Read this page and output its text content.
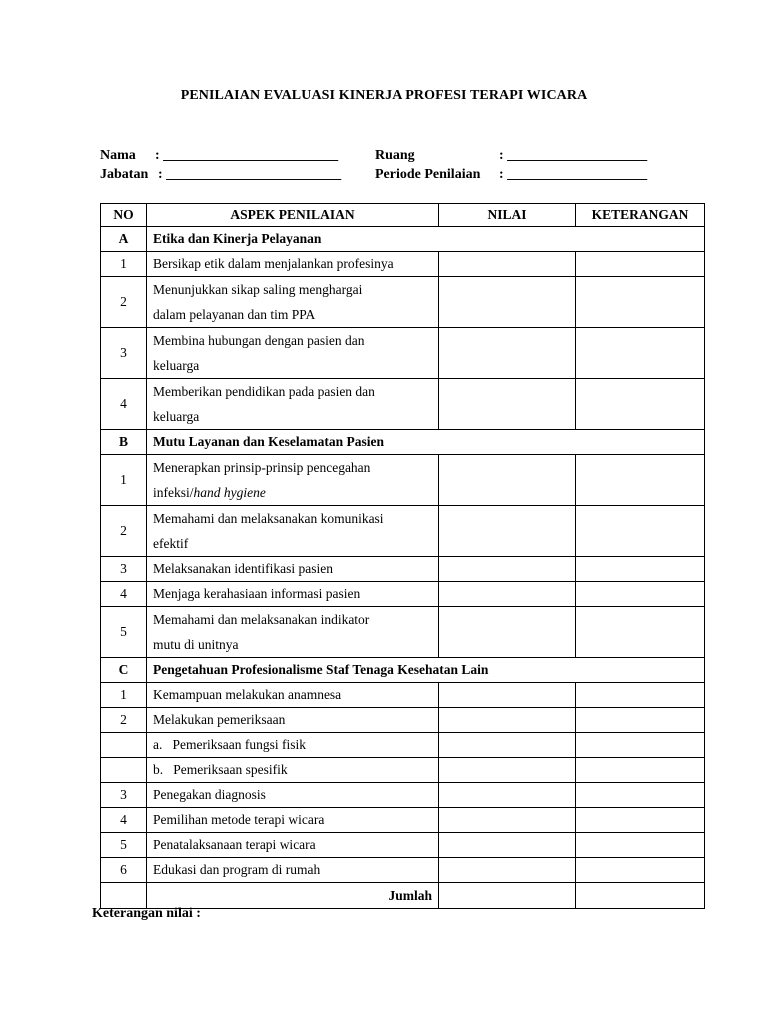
PENILAIAN EVALUASI KINERJA PROFESI TERAPI WICARA
Nama : _________________________
Jabatan : _________________________
Ruang	: ____________________
Periode Penilaian : ____________________
NO	ASPEK PENILAIAN	NILAI	KETERANGAN
A	Etika dan Kinerja Pelayanan		
1	Bersikap etik dalam menjalankan profesinya		
2	Menunjukkan sikap saling menghargai
dalam pelayanan dan tim PPA		

3	Membina hubungan dengan pasien dan
keluarga		

4	Memberikan pendidikan pada pasien dan
keluarga		

B	Mutu Layanan dan Keselamatan Pasien		
1	Menerapkan prinsip-prinsip pencegahan
infeksi/hand hygiene		

2	Memahami dan melaksanakan komunikasi
efektif		

3	Melaksanakan identifikasi pasien		
4	Menjaga kerahasiaan informasi pasien		
5	Memahami dan melaksanakan indikator
mutu di unitnya		

C	Pengetahuan Profesionalisme Staf Tenaga Kesehatan Lain		
1	Kemampuan melakukan anamnesa		
2	Melakukan pemeriksaan		
	a.   Pemeriksaan fungsi fisik		
	b.   Pemeriksaan spesifik		
3	Penegakan diagnosis		
4	Pemilihan metode terapi wicara		
5	Penatalaksanaan terapi wicara		
6	Edukasi dan program di rumah		
	Jumlah		
Keterangan nilai :
